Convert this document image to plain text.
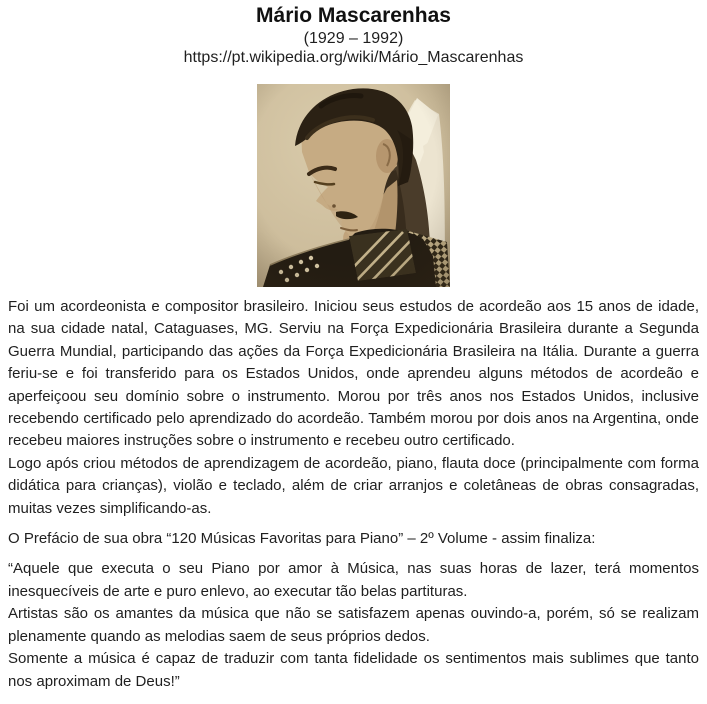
Mário Mascarenhas
(1929 – 1992)
https://pt.wikipedia.org/wiki/Mário_Mascarenhas

Foi um acordeonista e compositor brasileiro. Iniciou seus estudos de acordeão aos 15 anos de idade, na sua cidade natal, Cataguases, MG. Serviu na Força Expedicionária Brasileira durante a Segunda Guerra Mundial, participando das ações da Força Expedicionária Brasileira na Itália. Durante a guerra feriu-se e foi transferido para os Estados Unidos, onde aprendeu alguns métodos de acordeão e aperfeiçoou seu domínio sobre o instrumento. Morou por três anos nos Estados Unidos, inclusive recebendo certificado pelo aprendizado do acordeão. Também morou por dois anos na Argentina, onde recebeu maiores instruções sobre o instrumento e recebeu outro certificado.

Logo após criou métodos de aprendizagem de acordeão, piano, flauta doce (principalmente com forma didática para crianças), violão e teclado, além de criar arranjos e coletâneas de obras consagradas, muitas vezes simplificando-as.

O Prefácio de sua obra “120 Músicas Favoritas para Piano” – 2º Volume - assim finaliza:

“Aquele que executa o seu Piano por amor à Música, nas suas horas de lazer, terá momentos inesquecíveis de arte e puro enlevo, ao executar tão belas partituras.

Artistas são os amantes da música que não se satisfazem apenas ouvindo-a, porém, só se realizam plenamente quando as melodias saem de seus próprios dedos.

Somente a música é capaz de traduzir com tanta fidelidade os sentimentos mais sublimes que tanto nos aproximam de Deus!”
